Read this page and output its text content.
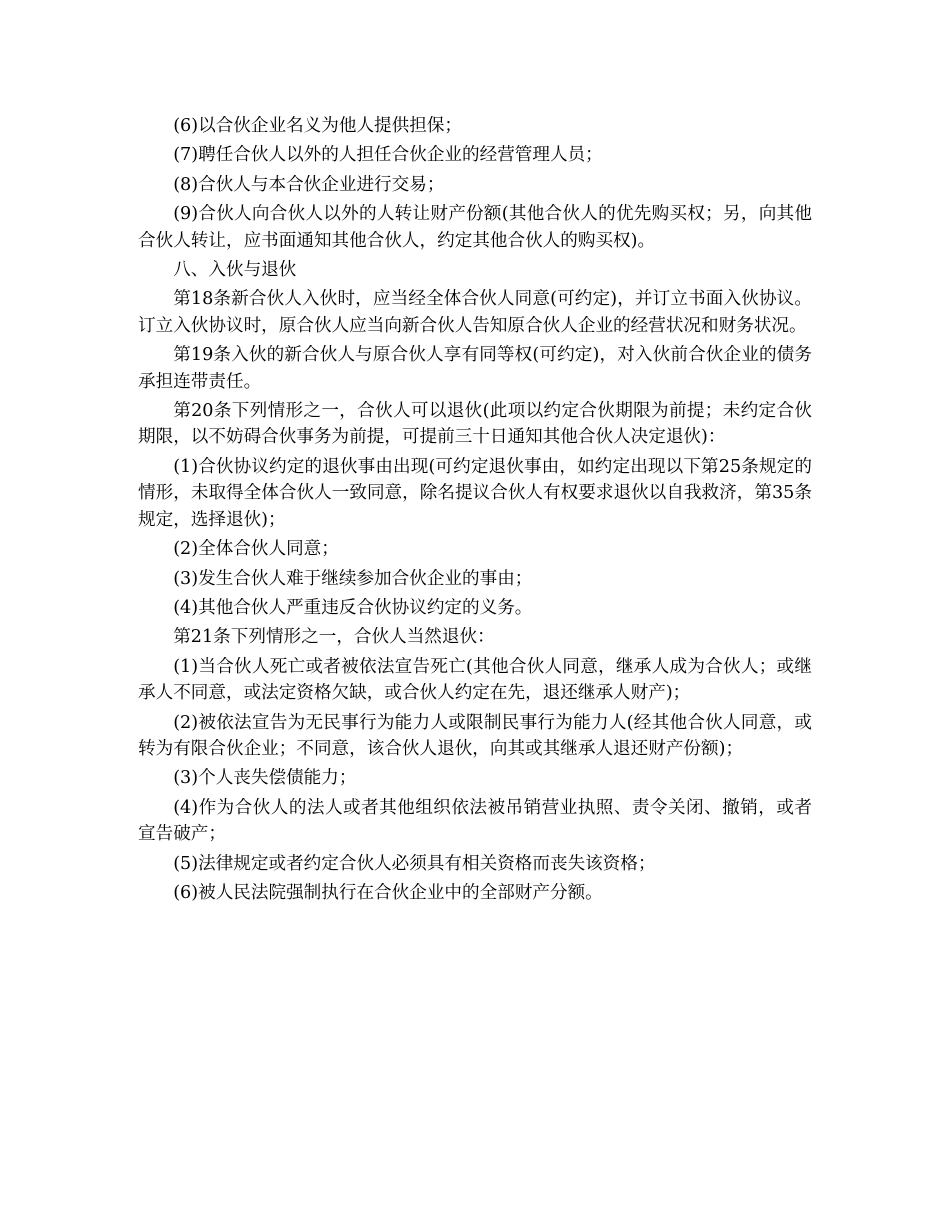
(6)以合伙企业名义为他人提供担保；

(7)聘任合伙人以外的人担任合伙企业的经营管理人员；

(8)合伙人与本合伙企业进行交易；

(9)合伙人向合伙人以外的人转让财产份额(其他合伙人的优先购买权；另，向其他合伙人转让，应书面通知其他合伙人，约定其他合伙人的购买权)。

八、入伙与退伙

第18条新合伙人入伙时，应当经全体合伙人同意(可约定)，并订立书面入伙协议。订立入伙协议时，原合伙人应当向新合伙人告知原合伙人企业的经营状况和财务状况。

第19条入伙的新合伙人与原合伙人享有同等权(可约定)，对入伙前合伙企业的债务承担连带责任。

第20条下列情形之一，合伙人可以退伙(此项以约定合伙期限为前提；未约定合伙期限，以不妨碍合伙事务为前提，可提前三十日通知其他合伙人决定退伙)：

(1)合伙协议约定的退伙事由出现(可约定退伙事由，如约定出现以下第25条规定的情形，未取得全体合伙人一致同意，除名提议合伙人有权要求退伙以自我救济，第35条规定，选择退伙)；

(2)全体合伙人同意；

(3)发生合伙人难于继续参加合伙企业的事由；

(4)其他合伙人严重违反合伙协议约定的义务。

第21条下列情形之一，合伙人当然退伙：

(1)当合伙人死亡或者被依法宣告死亡(其他合伙人同意，继承人成为合伙人；或继承人不同意，或法定资格欠缺，或合伙人约定在先，退还继承人财产)；

(2)被依法宣告为无民事行为能力人或限制民事行为能力人(经其他合伙人同意，或转为有限合伙企业；不同意，该合伙人退伙，向其或其继承人退还财产份额)；

(3)个人丧失偿债能力；

(4)作为合伙人的法人或者其他组织依法被吊销营业执照、责令关闭、撤销，或者宣告破产；

(5)法律规定或者约定合伙人必须具有相关资格而丧失该资格；

(6)被人民法院强制执行在合伙企业中的全部财产分额。
